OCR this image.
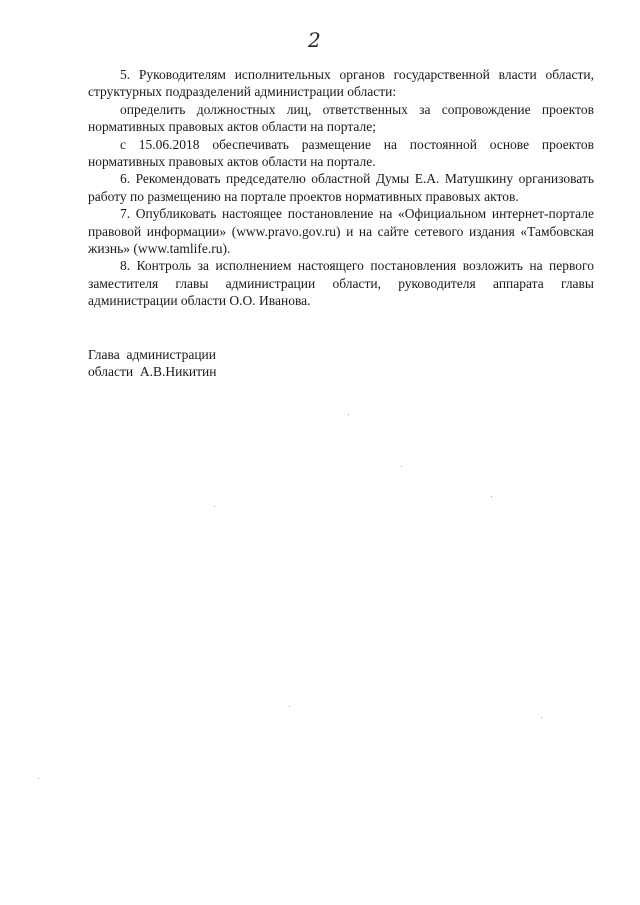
2

5. Руководителям исполнительных органов государственной власти области, структурных подразделений администрации области:

определить должностных лиц, ответственных за сопровождение проектов нормативных правовых актов области на портале;

с 15.06.2018 обеспечивать размещение на постоянной основе проектов нормативных правовых актов области на портале.

6. Рекомендовать председателю областной Думы Е.А. Матушкину организовать работу по размещению на портале проектов нормативных правовых актов.

7. Опубликовать настоящее постановление на «Официальном интернет-портале правовой информации» (www.pravo.gov.ru) и на сайте сетевого издания «Тамбовская жизнь» (www.tamlife.ru).

8. Контроль за исполнением настоящего постановления возложить на первого заместителя главы администрации области, руководителя аппарата главы администрации области О.О. Иванова.

Глава  администрации
области  А.В.Никитин
